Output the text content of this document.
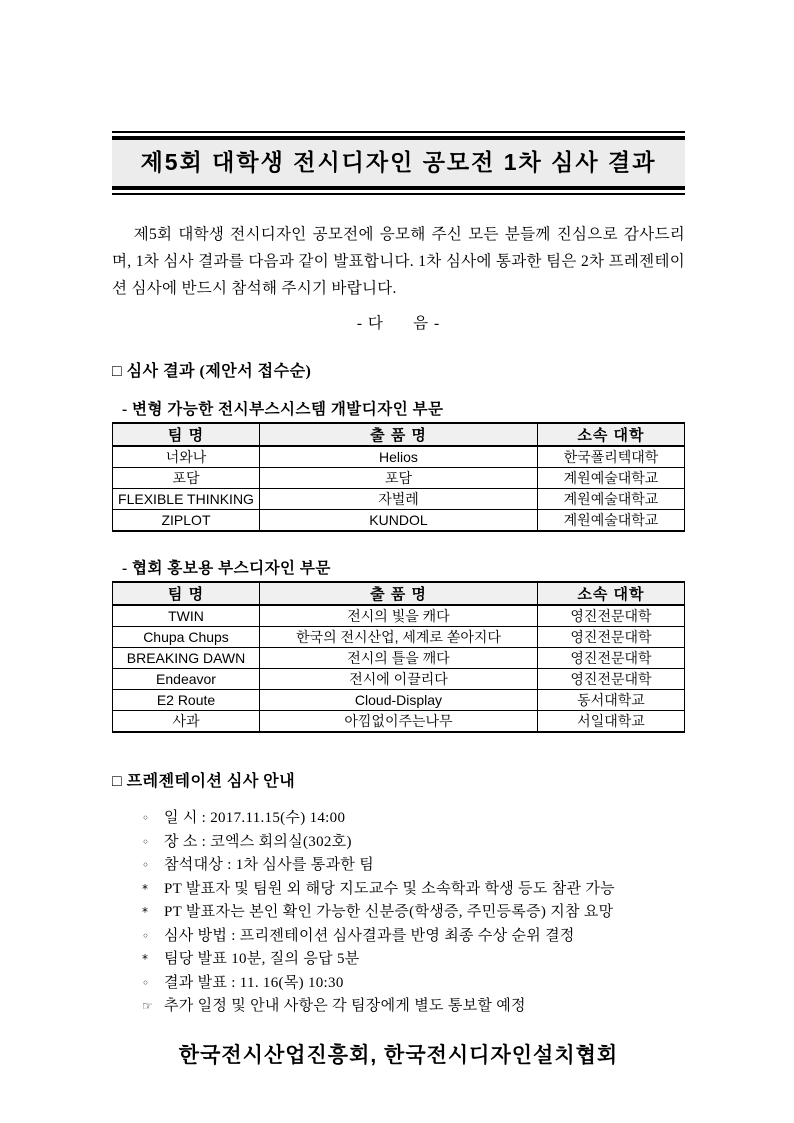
제5회 대학생 전시디자인 공모전 1차 심사 결과

제5회 대학생 전시디자인 공모전에 응모해 주신 모든 분들께 진심으로 감사드리며, 1차 심사 결과를 다음과 같이 발표합니다. 1차 심사에 통과한 팀은 2차 프레젠테이션 심사에 반드시 참석해 주시기 바랍니다.

- 다      음 -

□ 심사 결과 (제안서 접수순)
- 변형 가능한 전시부스시스템 개발디자인 부문
팀 명	출 품 명	소속 대학
너와나	Helios	한국폴리텍대학
포담	포담	계원예술대학교
FLEXIBLE THINKING	자벌레	계원예술대학교
ZIPLOT	KUNDOL	계원예술대학교
- 협회 홍보용 부스디자인 부문
팀 명	출 품 명	소속 대학
TWIN	전시의 빛을 캐다	영진전문대학
Chupa Chups	한국의 전시산업, 세계로 쏟아지다	영진전문대학
BREAKING DAWN	전시의 틀을 깨다	영진전문대학
Endeavor	전시에 이끌리다	영진전문대학
E2 Route	Cloud-Display	동서대학교
사과	아낌없이주는나무	서일대학교
□ 프레젠테이션 심사 안내
◦ 일 시 : 2017.11.15(수) 14:00
◦ 장 소 : 코엑스 회의실(302호)
◦ 참석대상 : 1차 심사를 통과한 팀
*	PT 발표자 및 팀원 외 해당 지도교수 및 소속학과 학생 등도 참관 가능
*	PT 발표자는 본인 확인 가능한 신분증(학생증, 주민등록증) 지참 요망
◦ 심사 방법 : 프리젠테이션 심사결과를 반영 최종 수상 순위 결정
*	팀당 발표 10분, 질의 응답 5분
◦ 결과 발표 : 11. 16(목) 10:30
☞ 추가 일정 및 안내 사항은 각 팀장에게 별도 통보할 예정

한국전시산업진흥회, 한국전시디자인설치협회
